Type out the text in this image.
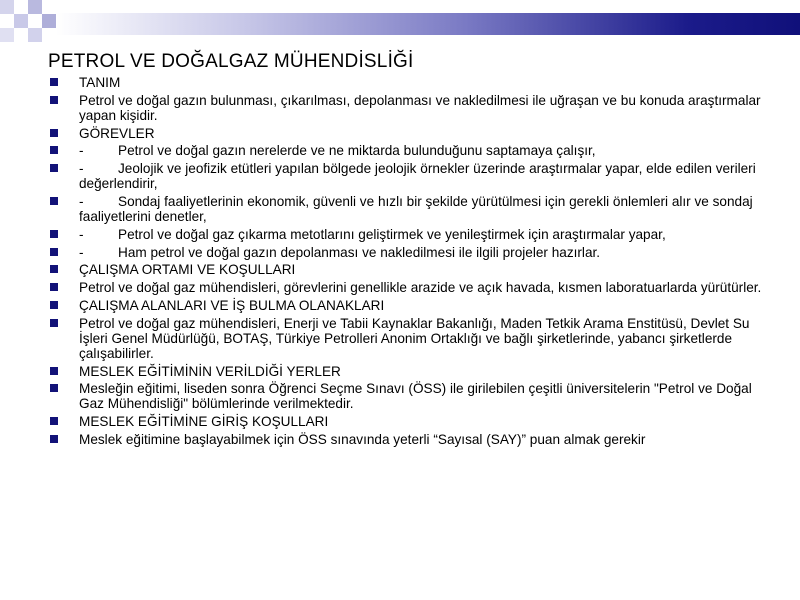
PETROL VE DOĞALGAZ MÜHENDİSLİĞİ
TANIM
Petrol ve doğal gazın bulunması, çıkarılması, depolanması ve nakledilmesi ile uğraşan ve bu konuda araştırmalar yapan kişidir.
GÖREVLER
-	Petrol ve doğal gazın nerelerde ve ne miktarda bulunduğunu saptamaya çalışır,
-	Jeolojik ve jeofizik etütleri yapılan bölgede jeolojik örnekler üzerinde araştırmalar yapar, elde edilen verileri değerlendirir,
-	Sondaj faaliyetlerinin ekonomik, güvenli ve hızlı bir şekilde yürütülmesi için gerekli önlemleri alır ve sondaj faaliyetlerini denetler,
-	Petrol ve doğal gaz çıkarma metotlarını geliştirmek ve yenileştirmek için araştırmalar yapar,
-	Ham petrol ve doğal gazın depolanması ve nakledilmesi ile ilgili projeler hazırlar.
ÇALIŞMA ORTAMI VE KOŞULLARI
Petrol ve doğal gaz mühendisleri, görevlerini genellikle arazide ve açık havada, kısmen laboratuarlarda yürütürler.
ÇALIŞMA ALANLARI VE İŞ BULMA OLANAKLARI
Petrol ve doğal gaz mühendisleri, Enerji ve Tabii Kaynaklar Bakanlığı, Maden Tetkik Arama Enstitüsü, Devlet Su İşleri Genel Müdürlüğü, BOTAŞ, Türkiye Petrolleri Anonim Ortaklığı ve bağlı şirketlerinde, yabancı şirketlerde çalışabilirler.
MESLEK EĞİTİMİNİN VERİLDİĞİ YERLER
Mesleğin eğitimi, liseden sonra Öğrenci Seçme Sınavı (ÖSS) ile girilebilen çeşitli üniversitelerin "Petrol ve Doğal Gaz Mühendisliği" bölümlerinde verilmektedir.
MESLEK EĞİTİMİNE GİRİŞ KOŞULLARI
Meslek eğitimine başlayabilmek için ÖSS sınavında yeterli “Sayısal (SAY)” puan almak gerekir
